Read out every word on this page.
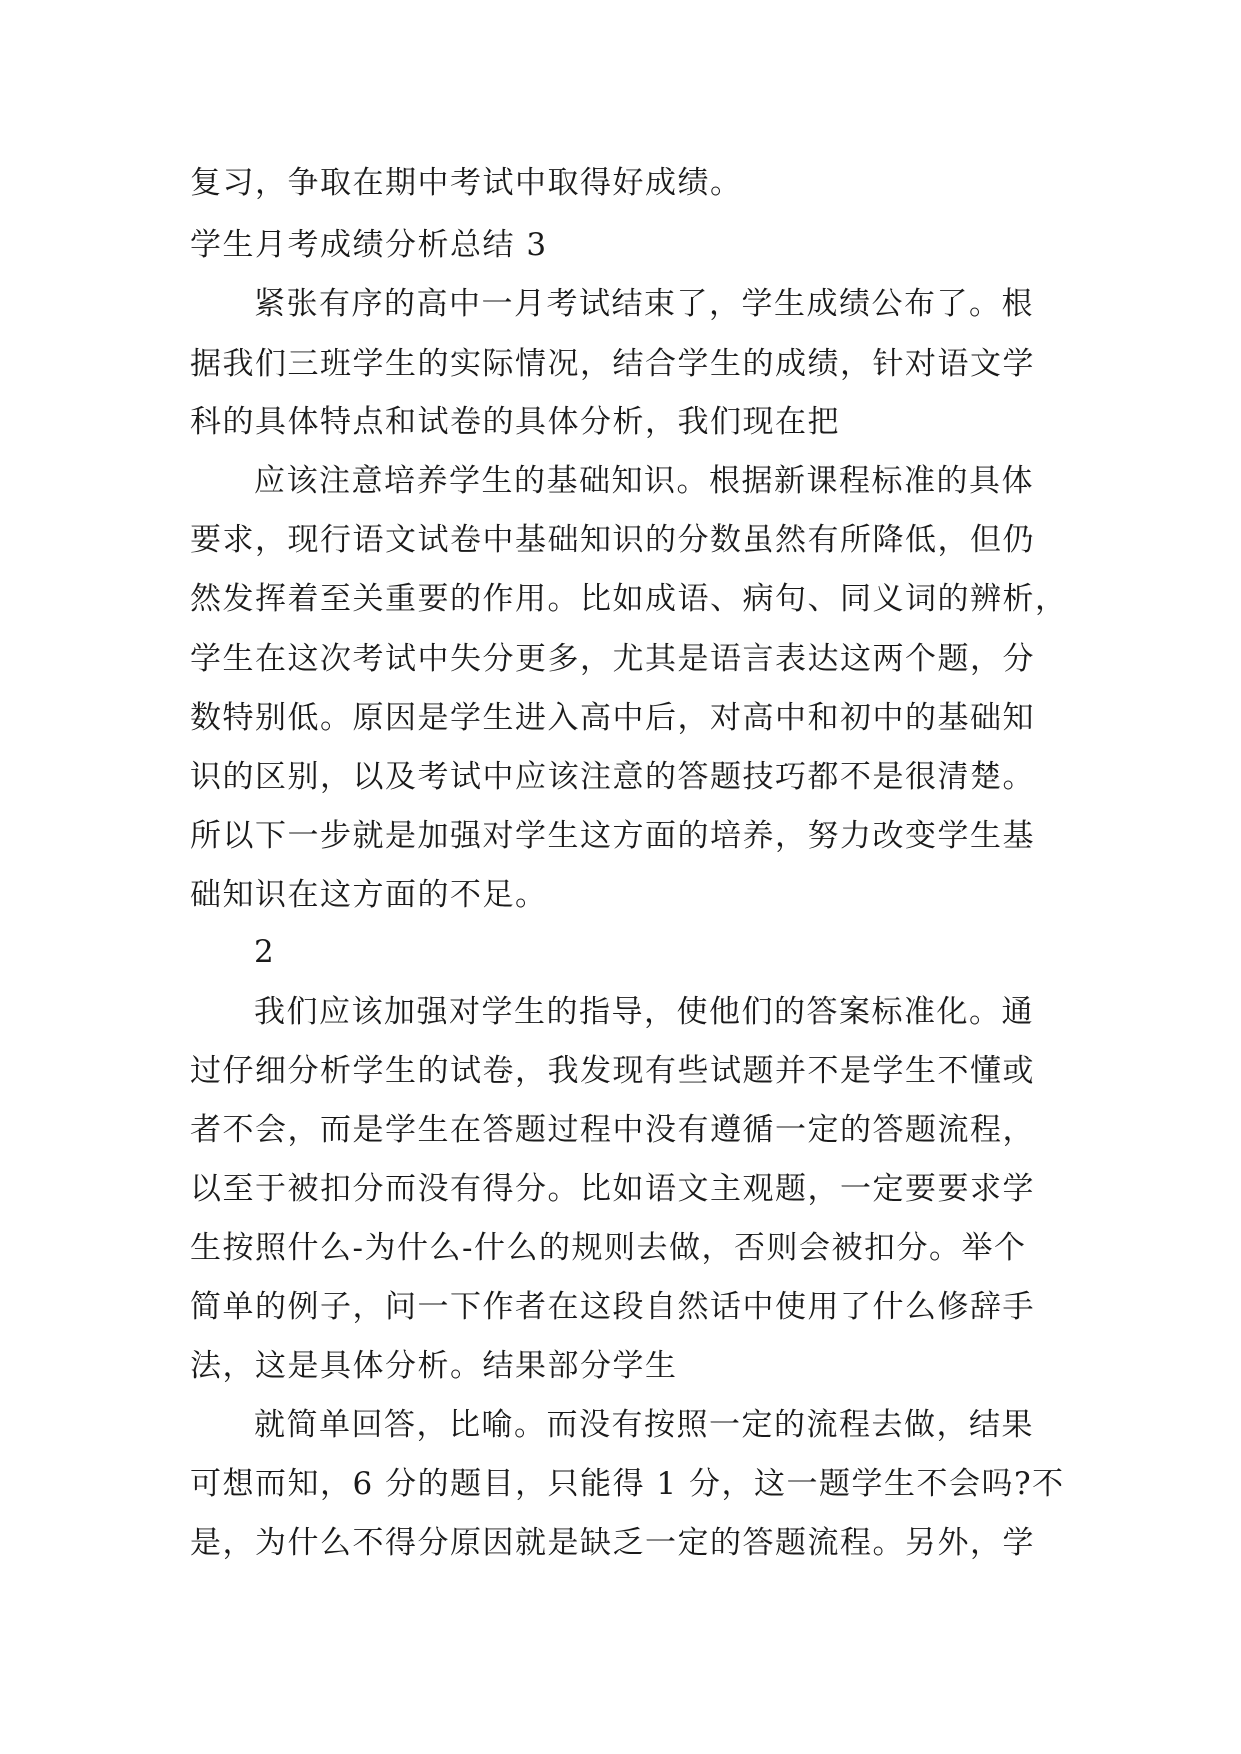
复习，争取在期中考试中取得好成绩。
学生月考成绩分析总结 3
紧张有序的高中一月考试结束了，学生成绩公布了。根
据我们三班学生的实际情况，结合学生的成绩，针对语文学
科的具体特点和试卷的具体分析，我们现在把
应该注意培养学生的基础知识。根据新课程标准的具体
要求，现行语文试卷中基础知识的分数虽然有所降低，但仍
然发挥着至关重要的作用。比如成语、病句、同义词的辨析，
学生在这次考试中失分更多，尤其是语言表达这两个题，分
数特别低。原因是学生进入高中后，对高中和初中的基础知
识的区别，以及考试中应该注意的答题技巧都不是很清楚。
所以下一步就是加强对学生这方面的培养，努力改变学生基
础知识在这方面的不足。
2
我们应该加强对学生的指导，使他们的答案标准化。通
过仔细分析学生的试卷，我发现有些试题并不是学生不懂或
者不会，而是学生在答题过程中没有遵循一定的答题流程，
以至于被扣分而没有得分。比如语文主观题，一定要要求学
生按照什么-为什么-什么的规则去做，否则会被扣分。举个
简单的例子，问一下作者在这段自然话中使用了什么修辞手
法，这是具体分析。结果部分学生
就简单回答，比喻。而没有按照一定的流程去做，结果
可想而知，6 分的题目，只能得 1 分，这一题学生不会吗?不
是，为什么不得分原因就是缺乏一定的答题流程。另外，学
